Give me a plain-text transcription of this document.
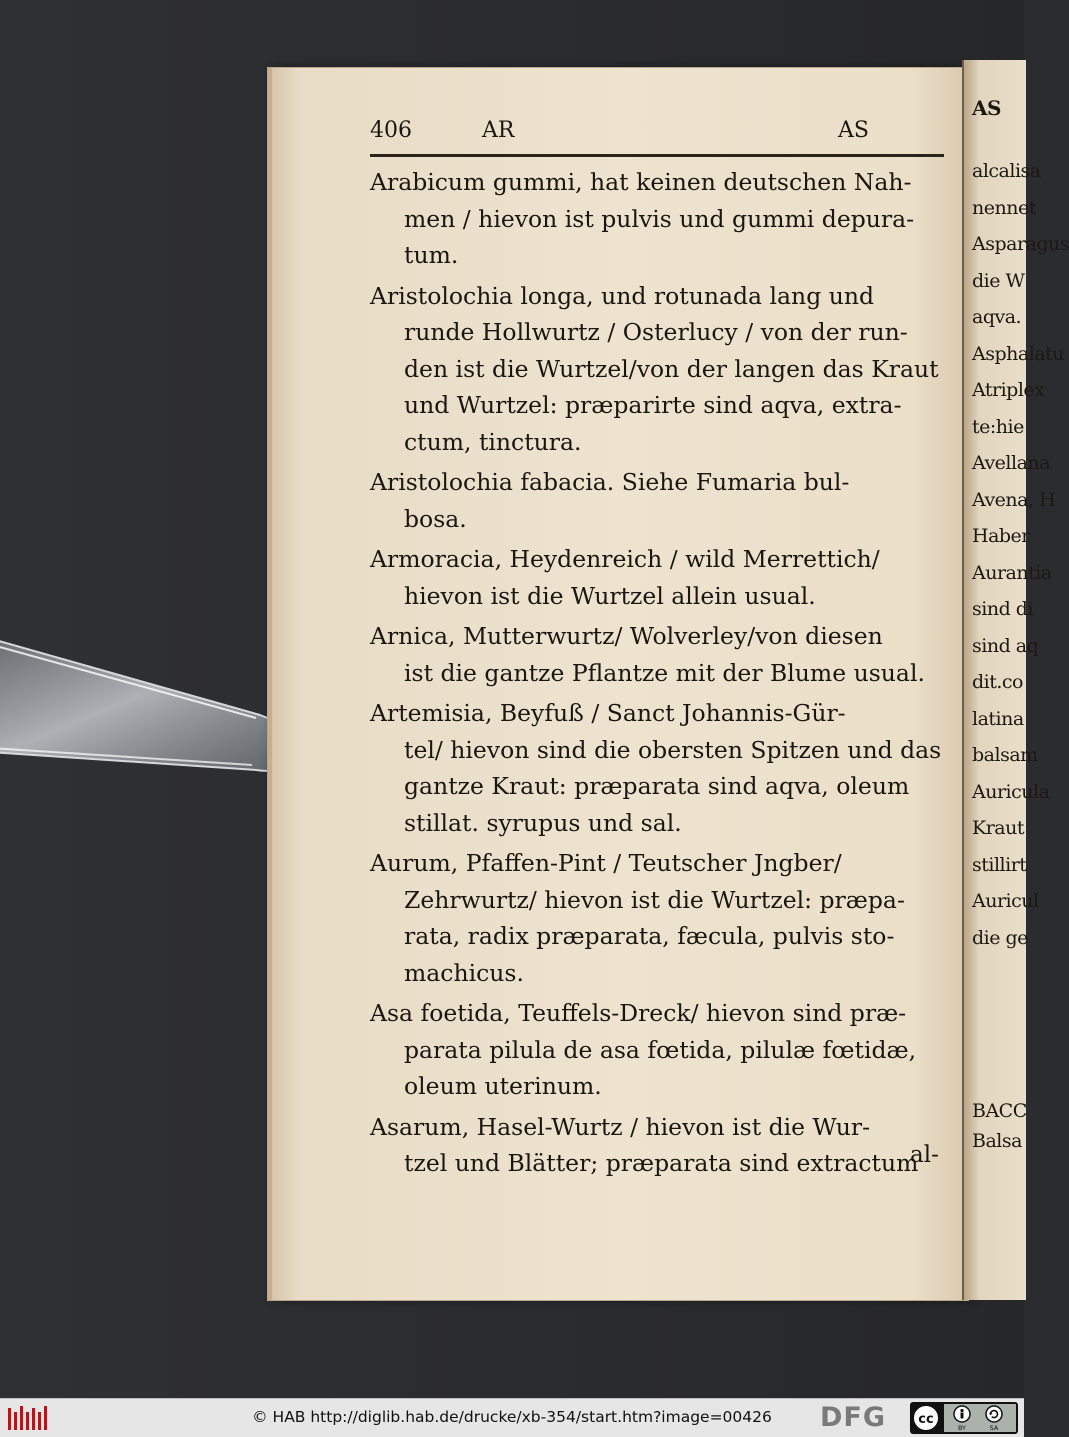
406	AR	AS
Arabicum gummi, hat keinen deutschen Nah-
men / hievon ist pulvis und gummi depura-
tum.
Aristolochia longa, und rotunada lang und
runde Hollwurtz / Osterlucy / von der run-
den ist die Wurtzel/von der langen das Kraut
und Wurtzel: præparirte sind aqva, extra-
ctum, tinctura.
Aristolochia fabacia. Siehe Fumaria bul-
bosa.
Armoracia, Heydenreich / wild Merrettich/
hievon ist die Wurtzel allein usual.
Arnica, Mutterwurtz/ Wolverley/von diesen
ist die gantze Pflantze mit der Blume usual.
Artemisia, Beyfuß / Sanct Johannis-Gür-
tel/ hievon sind die obersten Spitzen und das
gantze Kraut: præparata sind aqva, oleum
stillat. syrupus und sal.
Aurum, Pfaffen-Pint / Teutscher Jngber/
Zehrwurtz/ hievon ist die Wurtzel: præpa-
rata, radix præparata, fæcula, pulvis sto-
machicus.
Asa foetida, Teuffels-Dreck/ hievon sind præ-
parata pilula de asa fœtida, pilulæ fœtidæ,
oleum uterinum.
Asarum, Hasel-Wurtz / hievon ist die Wur-
tzel und Blätter; præparata sind extractum
al-
AS
alcalisa
nennet
Asparagus
die W
aqva.
Asphalatu
Atriplex
te:hie
Avellana
Avena, H
Haber
Aurantia
sind di
sind aq
dit.co
latina
balsam
Auricula
Kraut
stillirt
Auricul
die ge
BACC
Balsa
© HAB http://diglib.hab.de/drucke/xb-354/start.htm?image=00426	DFG cc
BY	SA
